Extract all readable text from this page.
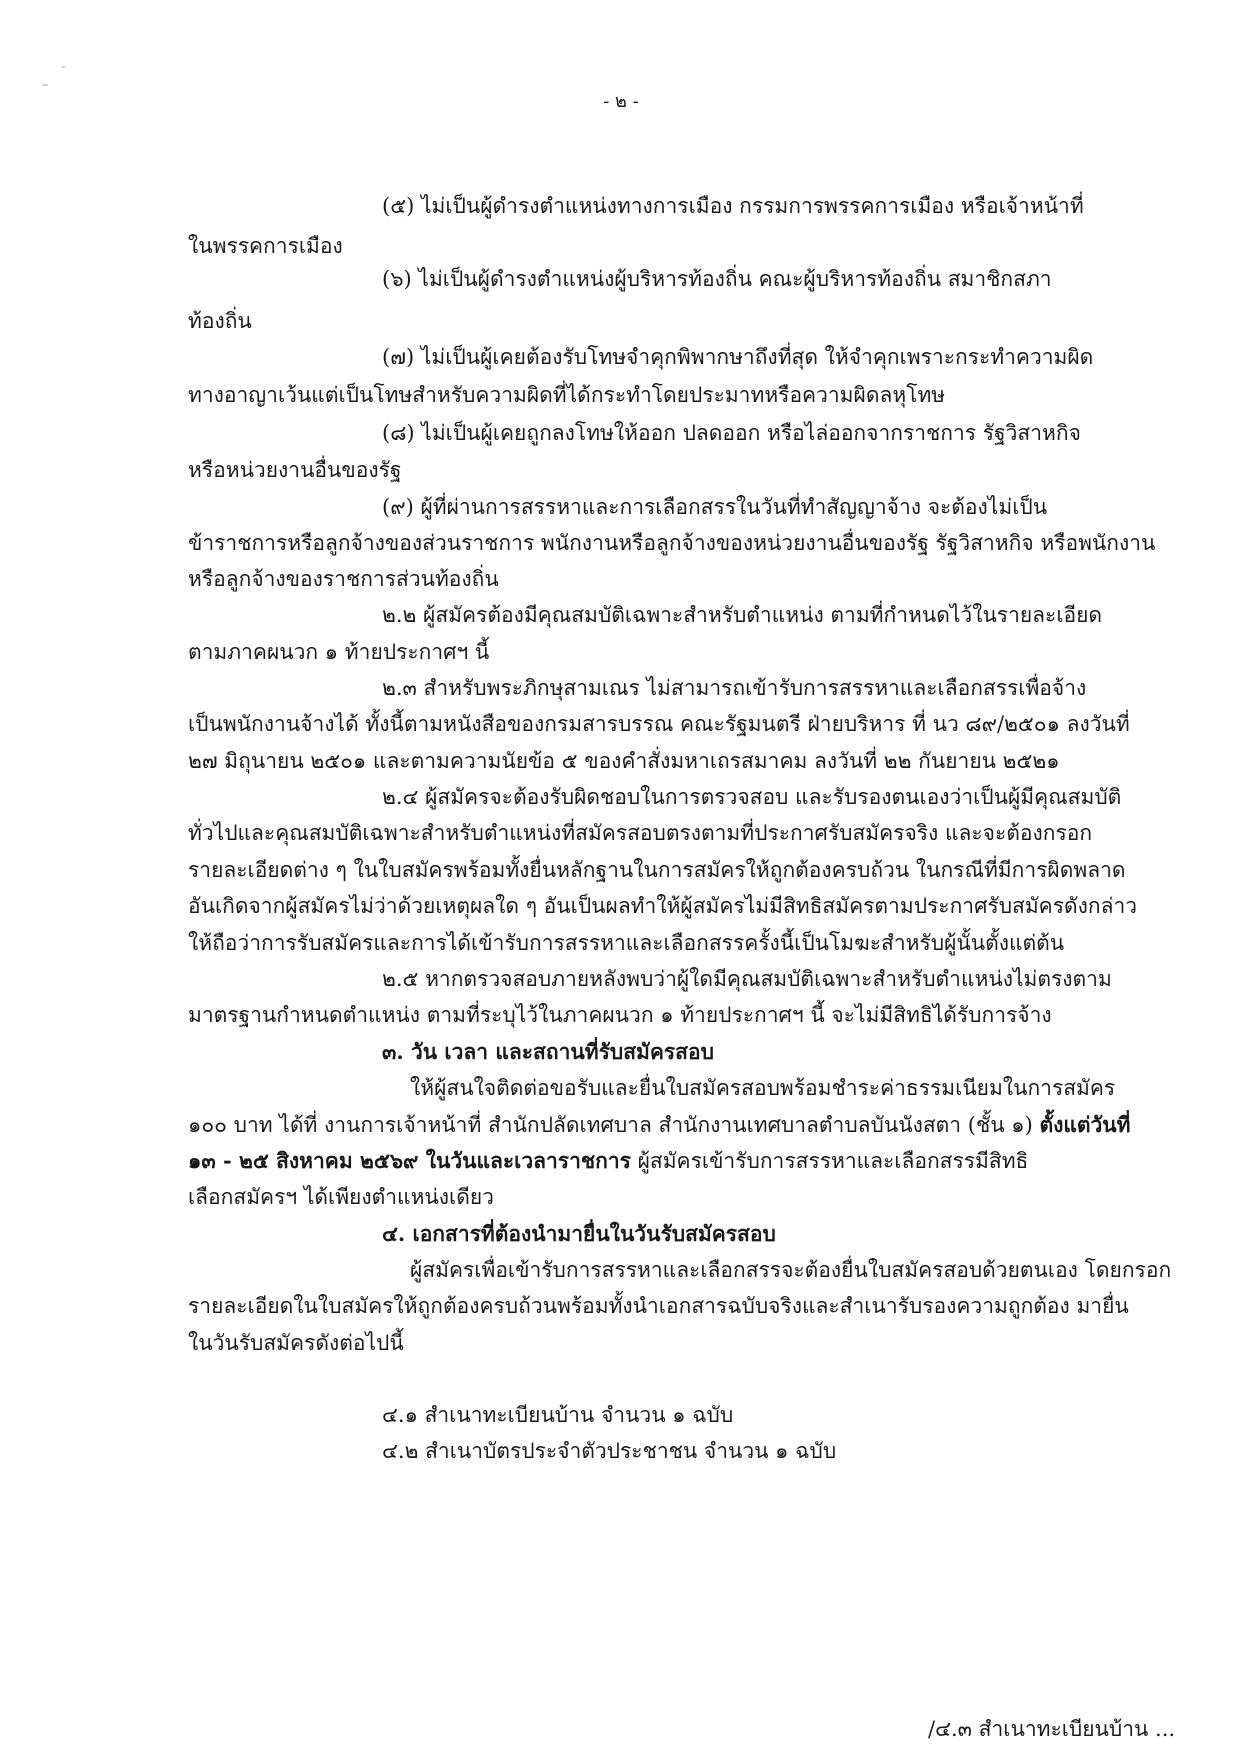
- ๒ -
(๕) ไม่เป็นผู้ดำรงตำแหน่งทางการเมือง กรรมการพรรคการเมือง หรือเจ้าหน้าที่
ในพรรคการเมือง
(๖) ไม่เป็นผู้ดำรงตำแหน่งผู้บริหารท้องถิ่น คณะผู้บริหารท้องถิ่น สมาชิกสภา
ท้องถิ่น
(๗) ไม่เป็นผู้เคยต้องรับโทษจำคุกพิพากษาถึงที่สุด ให้จำคุกเพราะกระทำความผิด
ทางอาญาเว้นแต่เป็นโทษสำหรับความผิดที่ได้กระทำโดยประมาทหรือความผิดลหุโทษ
(๘) ไม่เป็นผู้เคยถูกลงโทษให้ออก ปลดออก หรือไล่ออกจากราชการ รัฐวิสาหกิจ
หรือหน่วยงานอื่นของรัฐ
(๙) ผู้ที่ผ่านการสรรหาและการเลือกสรรในวันที่ทำสัญญาจ้าง จะต้องไม่เป็น
ข้าราชการหรือลูกจ้างของส่วนราชการ พนักงานหรือลูกจ้างของหน่วยงานอื่นของรัฐ รัฐวิสาหกิจ หรือพนักงาน
หรือลูกจ้างของราชการส่วนท้องถิ่น
๒.๒ ผู้สมัครต้องมีคุณสมบัติเฉพาะสำหรับตำแหน่ง ตามที่กำหนดไว้ในรายละเอียด
ตามภาคผนวก ๑ ท้ายประกาศฯ นี้
๒.๓ สำหรับพระภิกษุสามเณร ไม่สามารถเข้ารับการสรรหาและเลือกสรรเพื่อจ้าง
เป็นพนักงานจ้างได้ ทั้งนี้ตามหนังสือของกรมสารบรรณ คณะรัฐมนตรี ฝ่ายบริหาร ที่ นว ๘๙/๒๕๐๑ ลงวันที่
๒๗ มิถุนายน ๒๕๐๑ และตามความนัยข้อ ๕ ของคำสั่งมหาเถรสมาคม ลงวันที่ ๒๒ กันยายน ๒๕๒๑
๒.๔ ผู้สมัครจะต้องรับผิดชอบในการตรวจสอบ และรับรองตนเองว่าเป็นผู้มีคุณสมบัติ
ทั่วไปและคุณสมบัติเฉพาะสำหรับตำแหน่งที่สมัครสอบตรงตามที่ประกาศรับสมัครจริง และจะต้องกรอก
รายละเอียดต่าง ๆ ในใบสมัครพร้อมทั้งยื่นหลักฐานในการสมัครให้ถูกต้องครบถ้วน ในกรณีที่มีการผิดพลาด
อันเกิดจากผู้สมัครไม่ว่าด้วยเหตุผลใด ๆ อันเป็นผลทำให้ผู้สมัครไม่มีสิทธิสมัครตามประกาศรับสมัครดังกล่าว
ให้ถือว่าการรับสมัครและการได้เข้ารับการสรรหาและเลือกสรรครั้งนี้เป็นโมฆะสำหรับผู้นั้นตั้งแต่ต้น
๒.๕ หากตรวจสอบภายหลังพบว่าผู้ใดมีคุณสมบัติเฉพาะสำหรับตำแหน่งไม่ตรงตาม
มาตรฐานกำหนดตำแหน่ง ตามที่ระบุไว้ในภาคผนวก ๑ ท้ายประกาศฯ นี้ จะไม่มีสิทธิได้รับการจ้าง
๓. วัน เวลา และสถานที่รับสมัครสอบ
ให้ผู้สนใจติดต่อขอรับและยื่นใบสมัครสอบพร้อมชำระค่าธรรมเนียมในการสมัคร
๑๐๐ บาท ได้ที่ งานการเจ้าหน้าที่ สำนักปลัดเทศบาล สำนักงานเทศบาลตำบลบันนังสตา (ชั้น ๑) ตั้งแต่วันที่
๑๓ - ๒๕ สิงหาคม ๒๕๖๙ ในวันและเวลาราชการ ผู้สมัครเข้ารับการสรรหาและเลือกสรรมีสิทธิ
เลือกสมัครฯ ได้เพียงตำแหน่งเดียว
๔. เอกสารที่ต้องนำมายื่นในวันรับสมัครสอบ
ผู้สมัครเพื่อเข้ารับการสรรหาและเลือกสรรจะต้องยื่นใบสมัครสอบด้วยตนเอง โดยกรอก
รายละเอียดในใบสมัครให้ถูกต้องครบถ้วนพร้อมทั้งนำเอกสารฉบับจริงและสำเนารับรองความถูกต้อง มายื่น
ในวันรับสมัครดังต่อไปนี้
๔.๑ สำเนาทะเบียนบ้าน จำนวน ๑ ฉบับ
๔.๒ สำเนาบัตรประจำตัวประชาชน จำนวน ๑ ฉบับ
/๔.๓ สำเนาทะเบียนบ้าน ...
